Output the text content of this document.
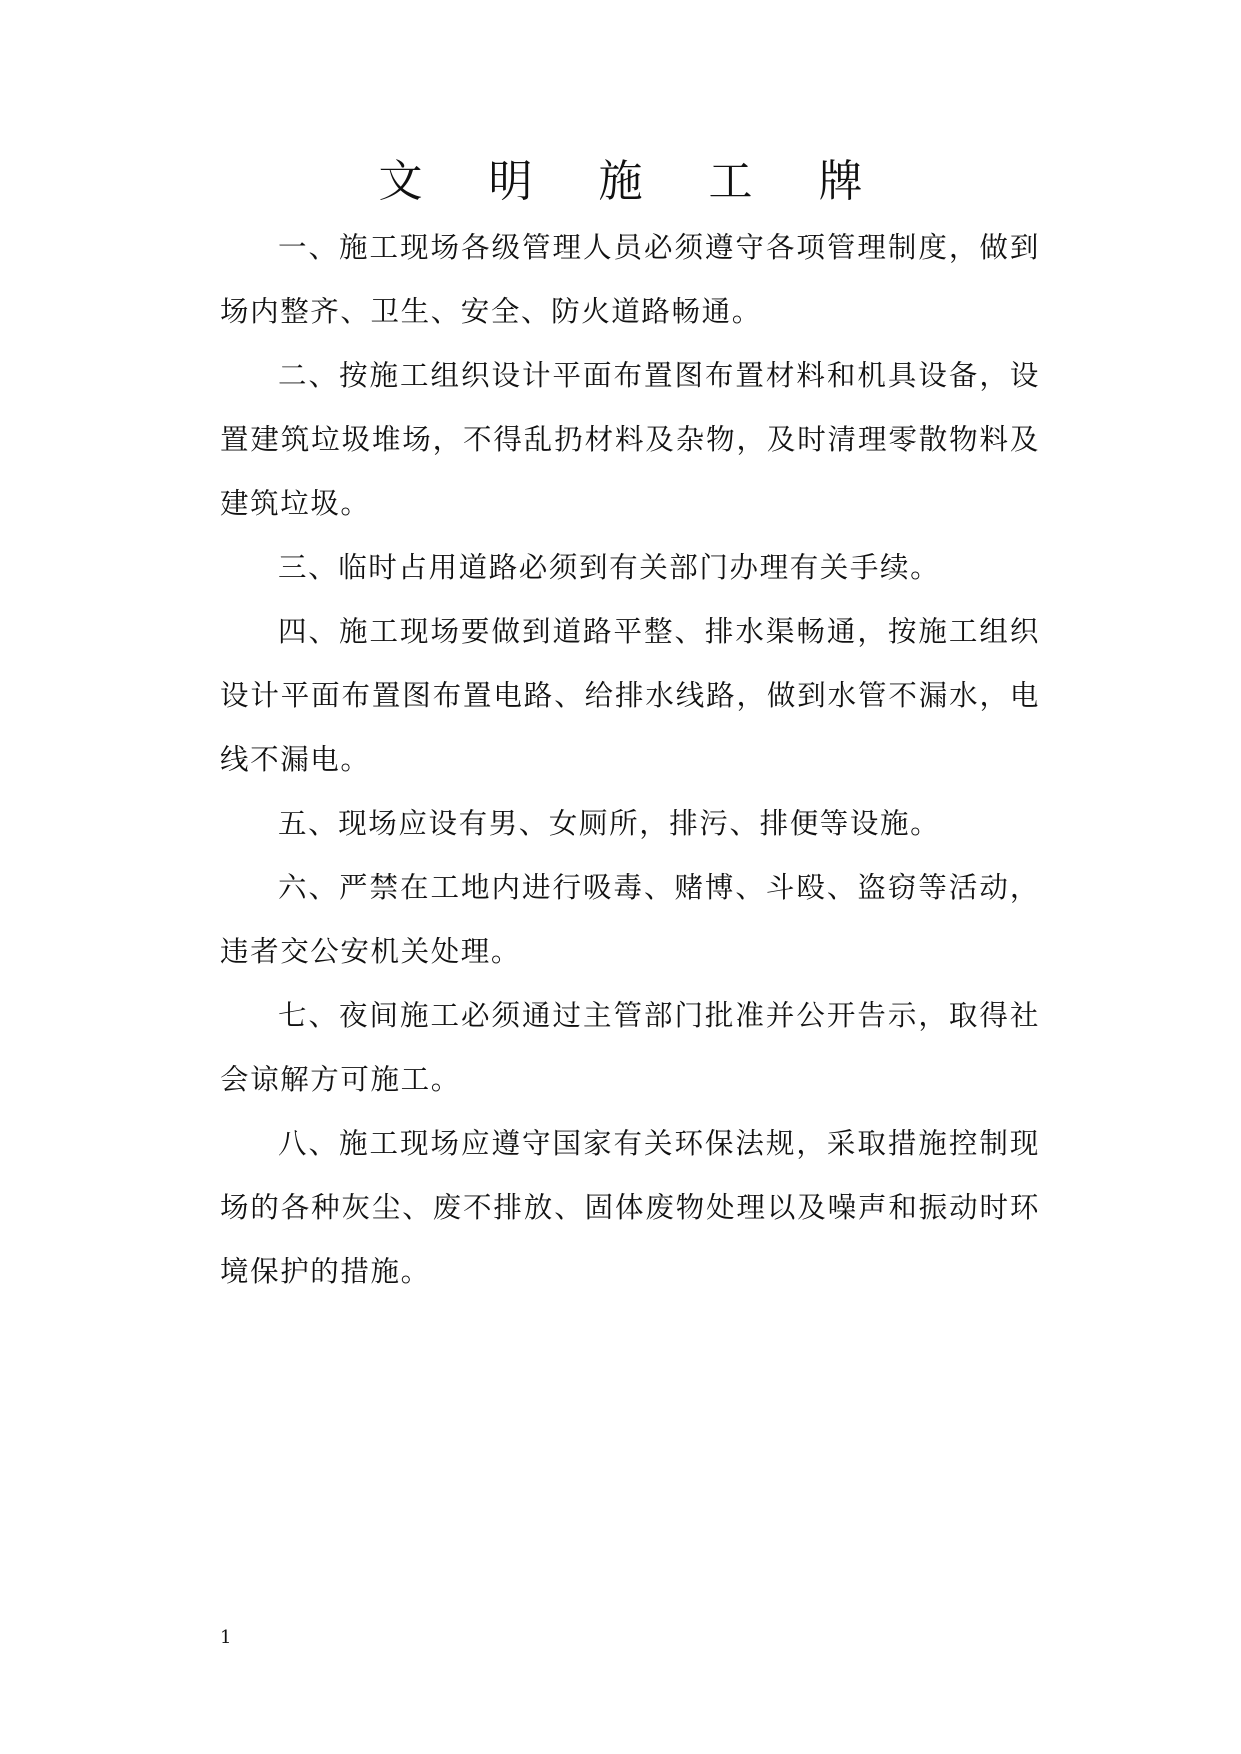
文 明 施 工 牌

一、施工现场各级管理人员必须遵守各项管理制度，做到场内整齐、卫生、安全、防火道路畅通。

二、按施工组织设计平面布置图布置材料和机具设备，设置建筑垃圾堆场，不得乱扔材料及杂物，及时清理零散物料及建筑垃圾。

三、临时占用道路必须到有关部门办理有关手续。

四、施工现场要做到道路平整、排水渠畅通，按施工组织设计平面布置图布置电路、给排水线路，做到水管不漏水，电线不漏电。

五、现场应设有男、女厕所，排污、排便等设施。

六、严禁在工地内进行吸毒、赌博、斗殴、盗窃等活动，违者交公安机关处理。

七、夜间施工必须通过主管部门批准并公开告示，取得社会谅解方可施工。

八、施工现场应遵守国家有关环保法规，采取措施控制现场的各种灰尘、废不排放、固体废物处理以及噪声和振动时环境保护的措施。

1
